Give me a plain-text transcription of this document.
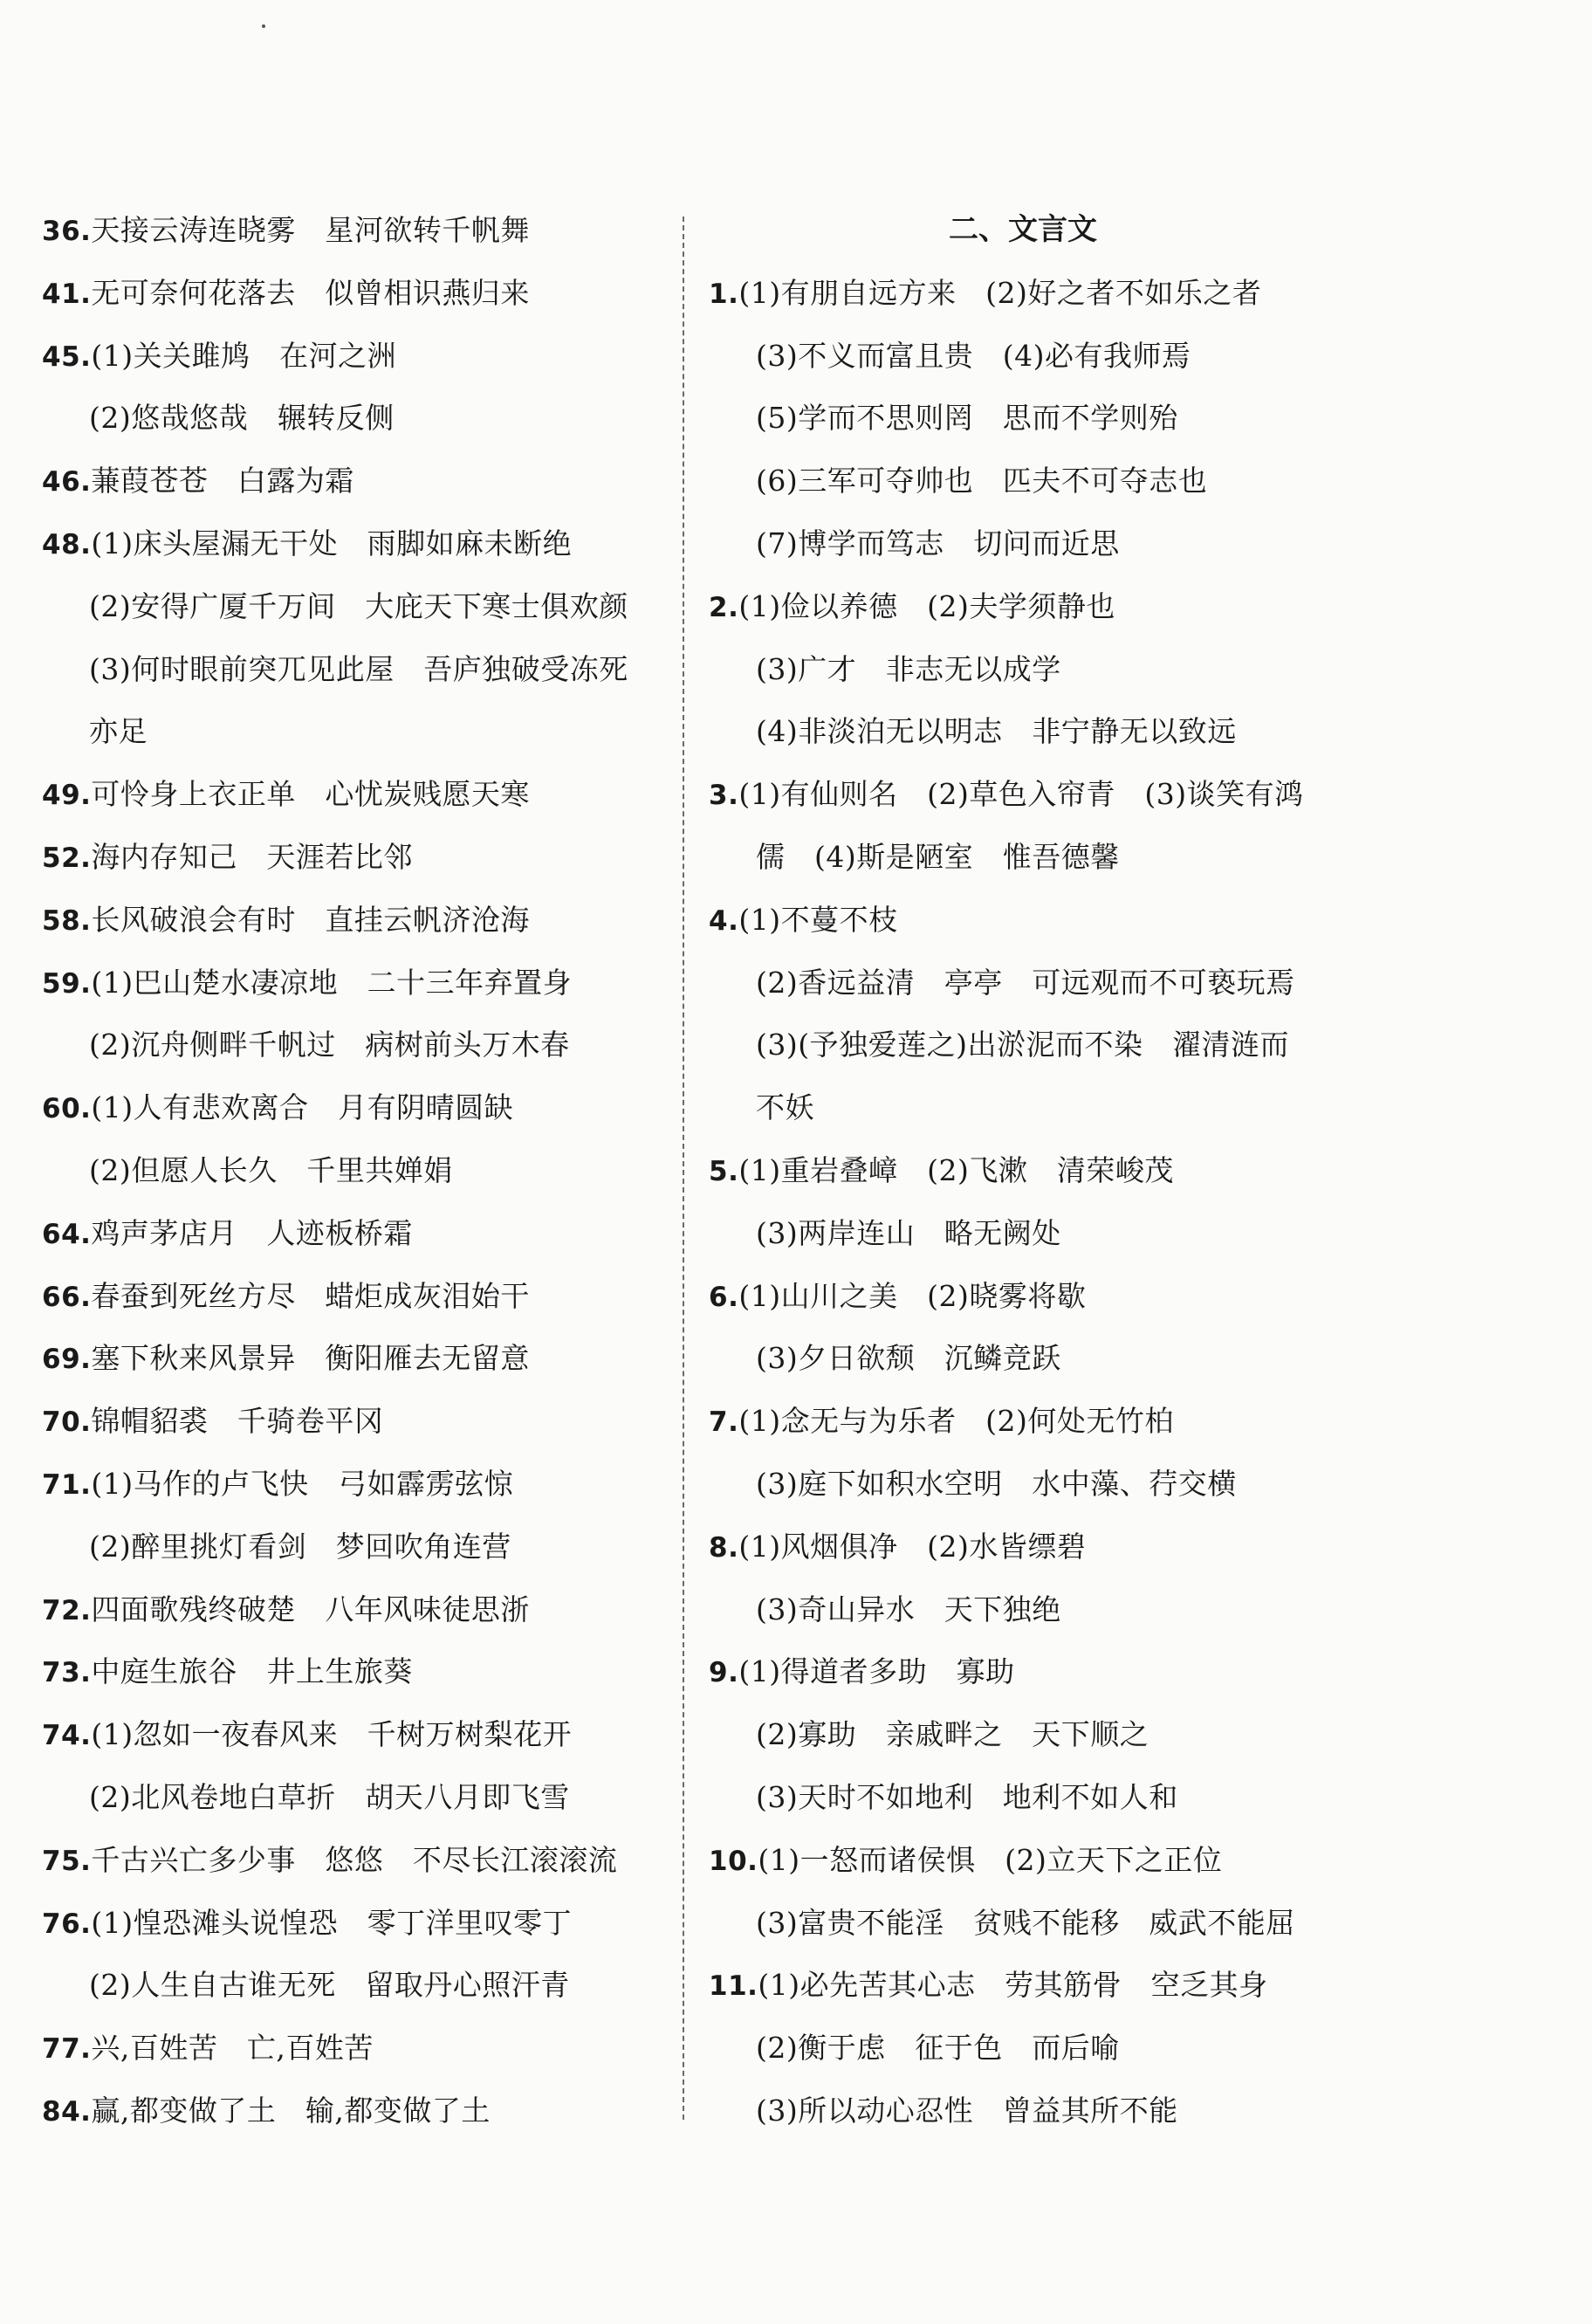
36.天接云涛连晓雾　星河欲转千帆舞
41.无可奈何花落去　似曾相识燕归来
45.(1)关关雎鸠　在河之洲
(2)悠哉悠哉　辗转反侧
46.蒹葭苍苍　白露为霜
48.(1)床头屋漏无干处　雨脚如麻未断绝
(2)安得广厦千万间　大庇天下寒士俱欢颜
(3)何时眼前突兀见此屋　吾庐独破受冻死
亦足
49.可怜身上衣正单　心忧炭贱愿天寒
52.海内存知己　天涯若比邻
58.长风破浪会有时　直挂云帆济沧海
59.(1)巴山楚水凄凉地　二十三年弃置身
(2)沉舟侧畔千帆过　病树前头万木春
60.(1)人有悲欢离合　月有阴晴圆缺
(2)但愿人长久　千里共婵娟
64.鸡声茅店月　人迹板桥霜
66.春蚕到死丝方尽　蜡炬成灰泪始干
69.塞下秋来风景异　衡阳雁去无留意
70.锦帽貂裘　千骑卷平冈
71.(1)马作的卢飞快　弓如霹雳弦惊
(2)醉里挑灯看剑　梦回吹角连营
72.四面歌残终破楚　八年风味徒思浙
73.中庭生旅谷　井上生旅葵
74.(1)忽如一夜春风来　千树万树梨花开
(2)北风卷地白草折　胡天八月即飞雪
75.千古兴亡多少事　悠悠　不尽长江滚滚流
76.(1)惶恐滩头说惶恐　零丁洋里叹零丁
(2)人生自古谁无死　留取丹心照汗青
77.兴,百姓苦　亡,百姓苦
84.赢,都变做了土　输,都变做了土
二、文言文
1.(1)有朋自远方来　(2)好之者不如乐之者
(3)不义而富且贵　(4)必有我师焉
(5)学而不思则罔　思而不学则殆
(6)三军可夺帅也　匹夫不可夺志也
(7)博学而笃志　切问而近思
2.(1)俭以养德　(2)夫学须静也
(3)广才　非志无以成学
(4)非淡泊无以明志　非宁静无以致远
3.(1)有仙则名　(2)草色入帘青　(3)谈笑有鸿
儒　(4)斯是陋室　惟吾德馨
4.(1)不蔓不枝
(2)香远益清　亭亭　可远观而不可亵玩焉
(3)(予独爱莲之)出淤泥而不染　濯清涟而
不妖
5.(1)重岩叠嶂　(2)飞漱　清荣峻茂
(3)两岸连山　略无阙处
6.(1)山川之美　(2)晓雾将歇
(3)夕日欲颓　沉鳞竞跃
7.(1)念无与为乐者　(2)何处无竹柏
(3)庭下如积水空明　水中藻、荇交横
8.(1)风烟俱净　(2)水皆缥碧
(3)奇山异水　天下独绝
9.(1)得道者多助　寡助
(2)寡助　亲戚畔之　天下顺之
(3)天时不如地利　地利不如人和
10.(1)一怒而诸侯惧　(2)立天下之正位
(3)富贵不能淫　贫贱不能移　威武不能屈
11.(1)必先苦其心志　劳其筋骨　空乏其身
(2)衡于虑　征于色　而后喻
(3)所以动心忍性　曾益其所不能
